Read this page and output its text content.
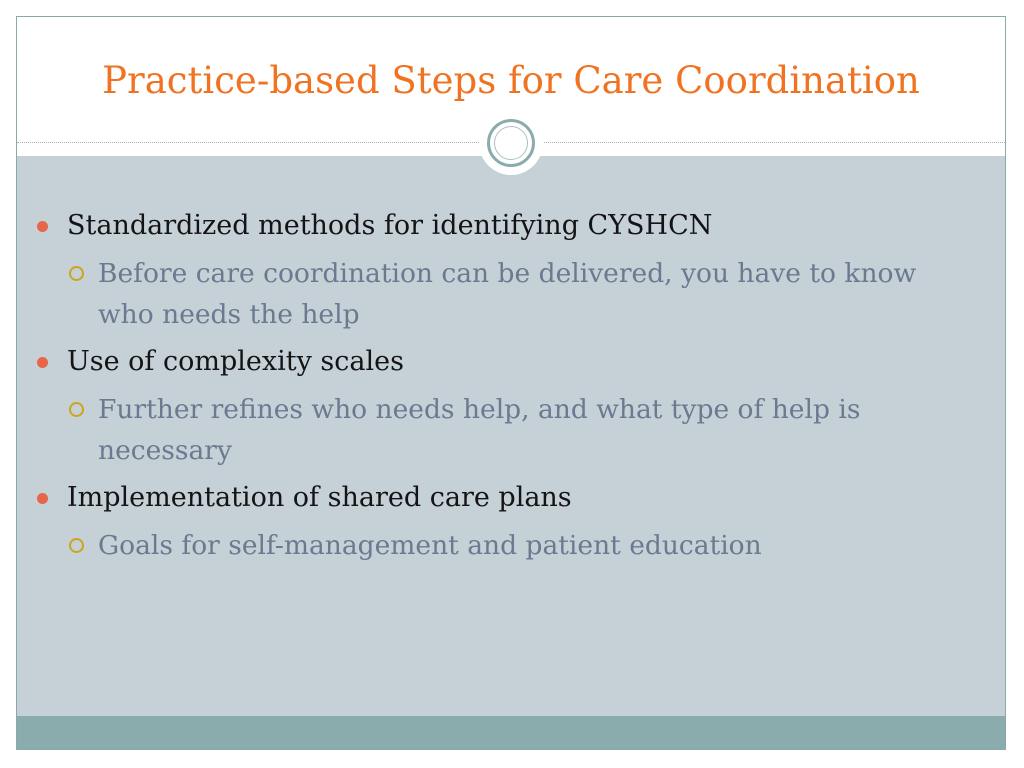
Practice-based Steps for Care Coordination
Standardized methods for identifying CYSHCN
Before care coordination can be delivered, you have to know who needs the help
Use of complexity scales
Further refines who needs help, and what type of help is necessary
Implementation of shared care plans
Goals for self-management and patient education
